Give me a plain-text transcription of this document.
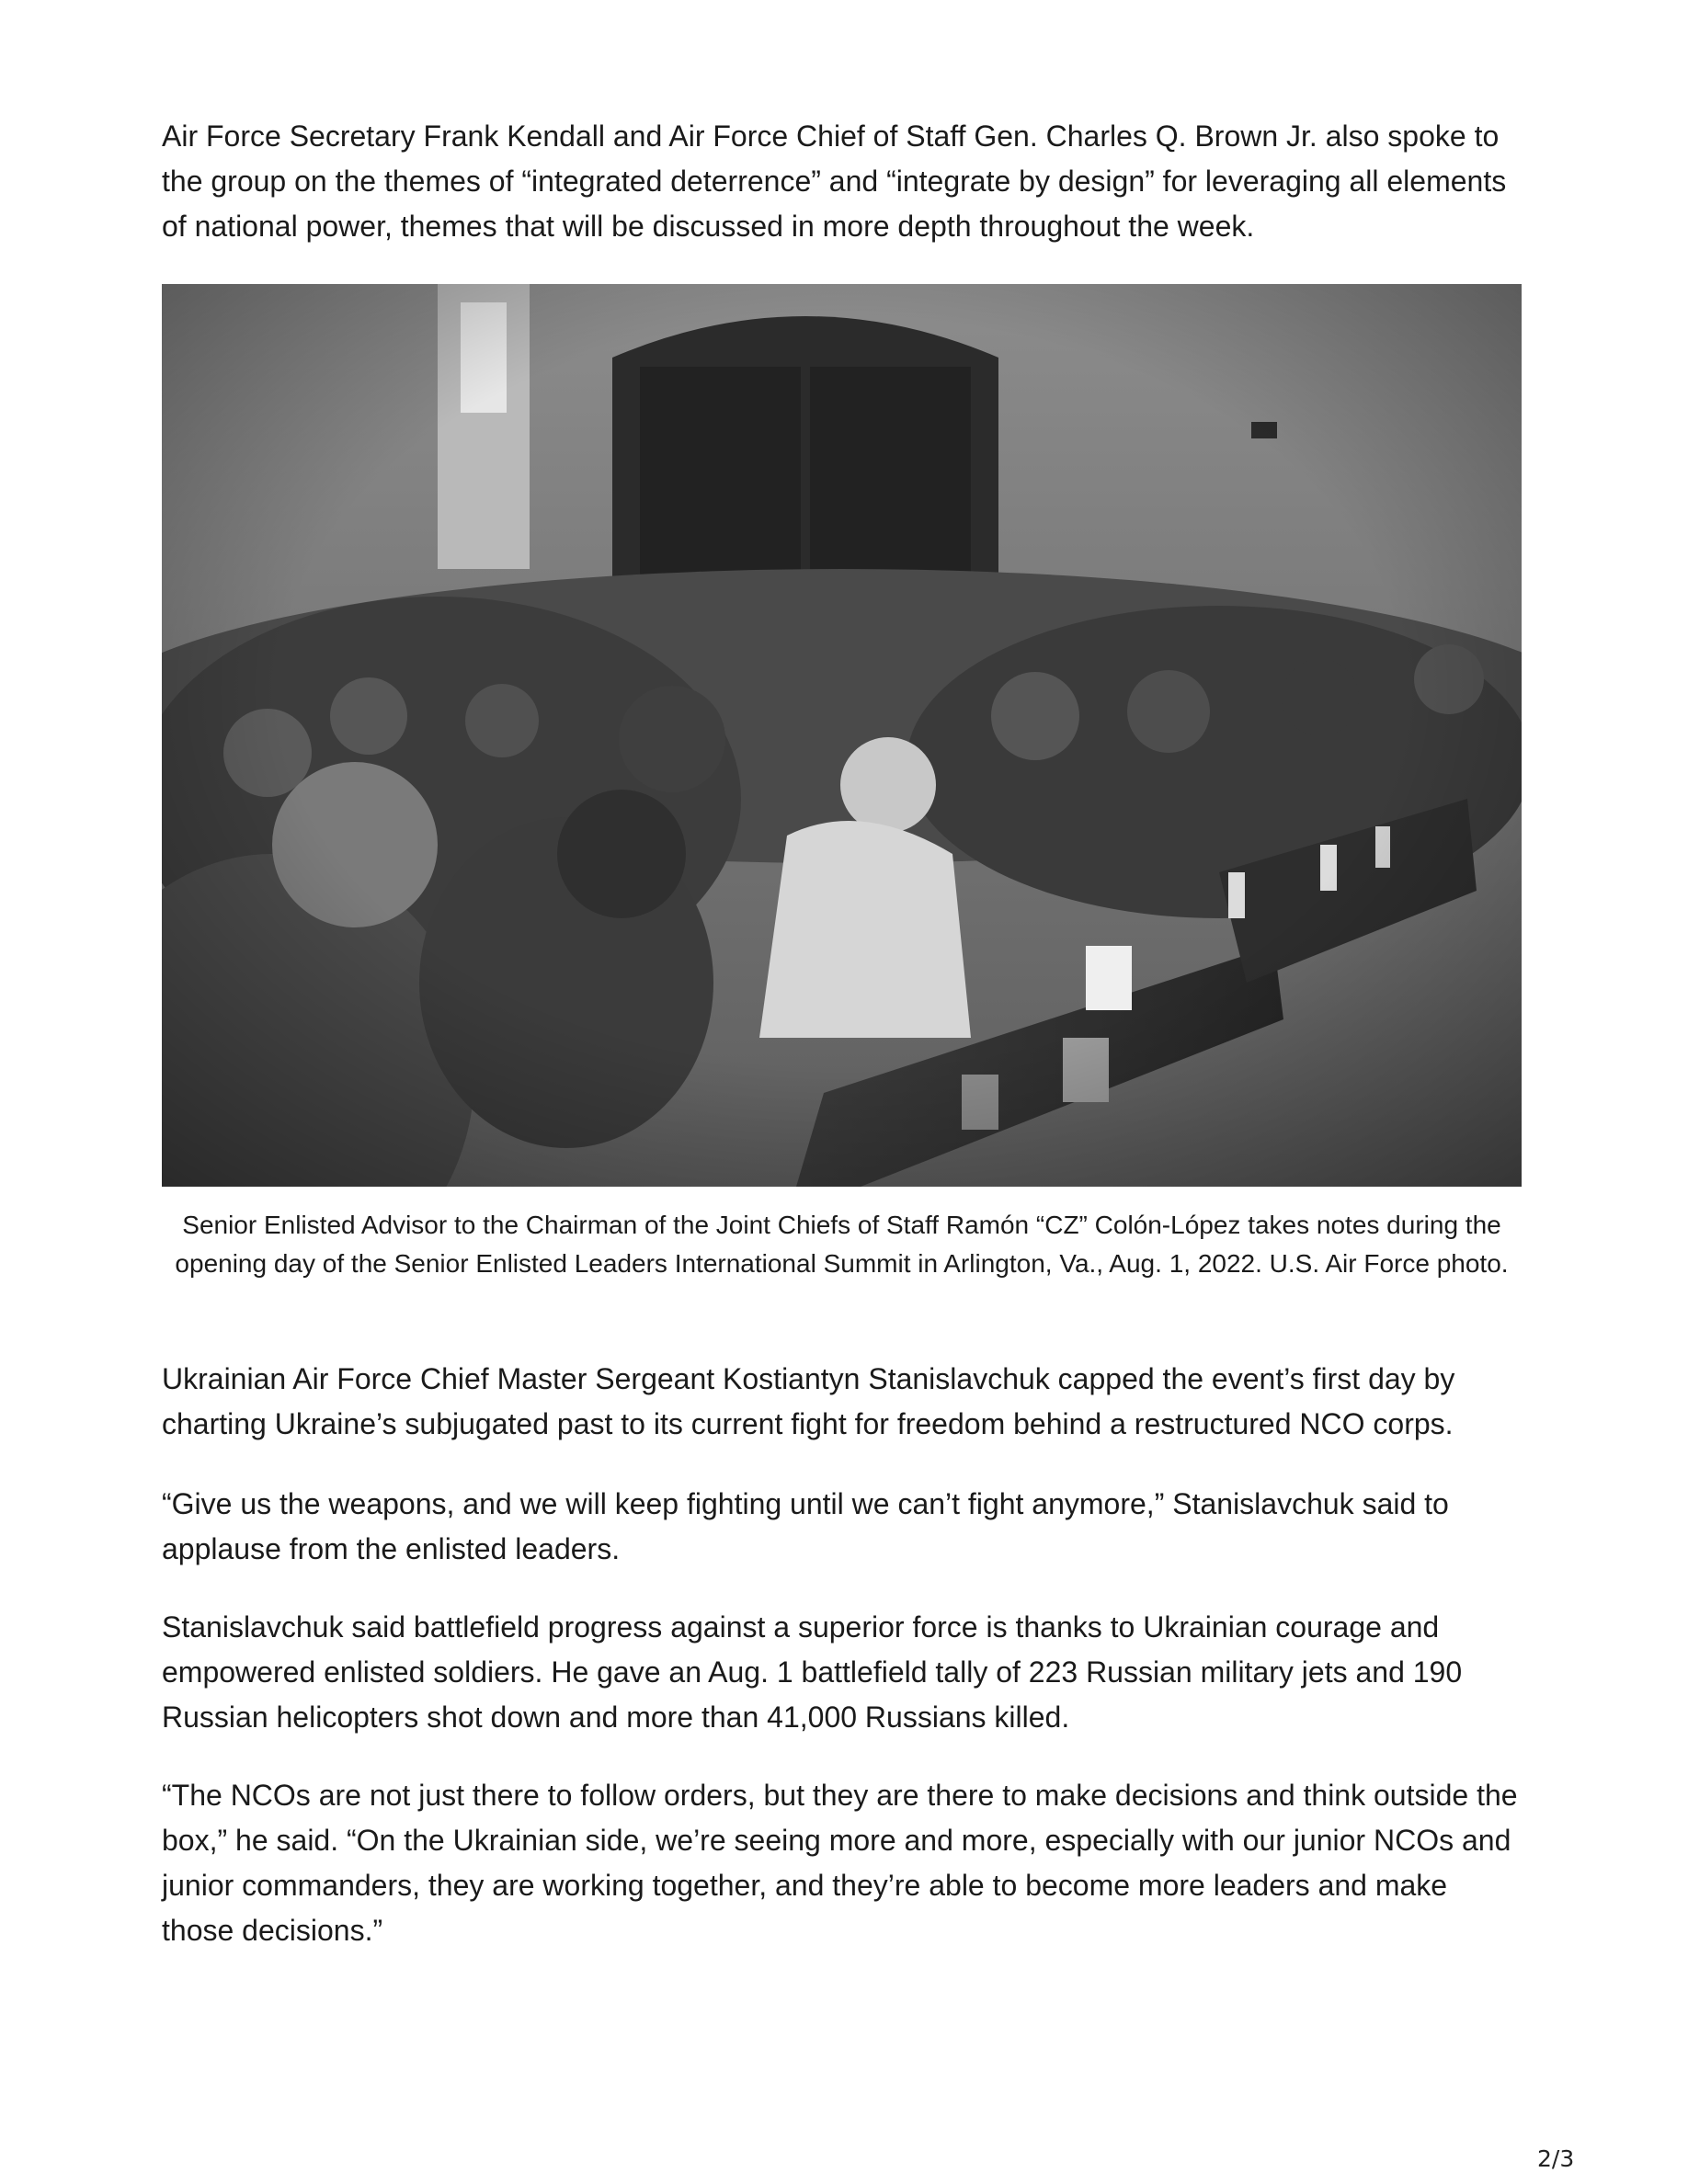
Air Force Secretary Frank Kendall and Air Force Chief of Staff Gen. Charles Q. Brown Jr. also spoke to the group on the themes of “integrated deterrence” and “integrate by design” for leveraging all elements of national power, themes that will be discussed in more depth throughout the week.

Senior Enlisted Advisor to the Chairman of the Joint Chiefs of Staff Ramón “CZ” Colón-López takes notes during the opening day of the Senior Enlisted Leaders International Summit in Arlington, Va., Aug. 1, 2022. U.S. Air Force photo.

Ukrainian Air Force Chief Master Sergeant Kostiantyn Stanislavchuk capped the event’s first day by charting Ukraine’s subjugated past to its current fight for freedom behind a restructured NCO corps.

“Give us the weapons, and we will keep fighting until we can’t fight anymore,” Stanislavchuk said to applause from the enlisted leaders.

Stanislavchuk said battlefield progress against a superior force is thanks to Ukrainian courage and empowered enlisted soldiers. He gave an Aug. 1 battlefield tally of 223 Russian military jets and 190 Russian helicopters shot down and more than 41,000 Russians killed.

“The NCOs are not just there to follow orders, but they are there to make decisions and think outside the box,” he said. “On the Ukrainian side, we’re seeing more and more, especially with our junior NCOs and junior commanders, they are working together, and they’re able to become more leaders and make those decisions.”

2/3
